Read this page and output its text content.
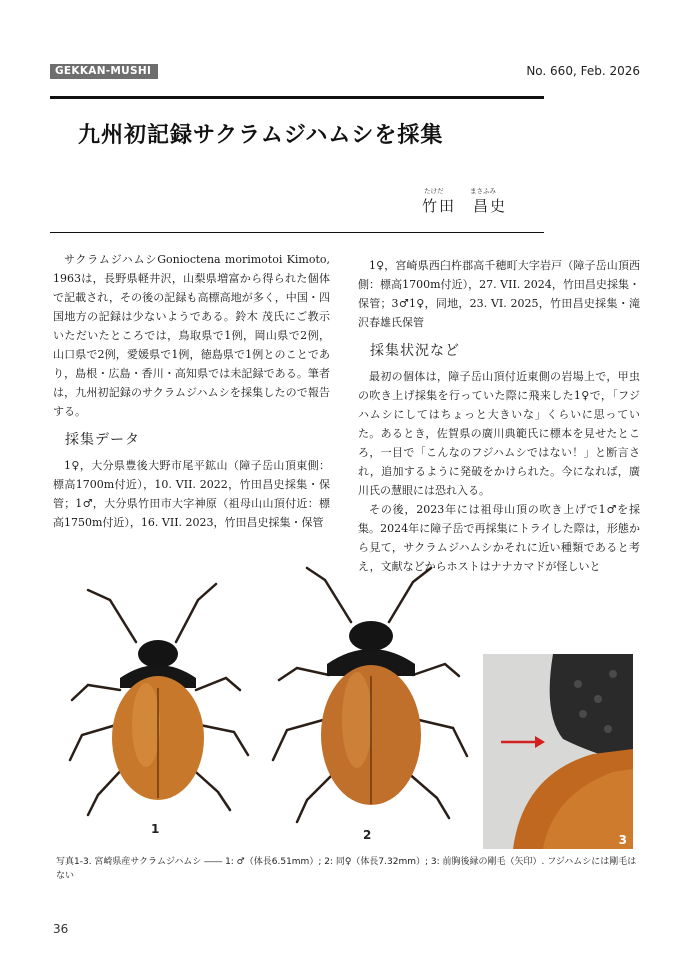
GEKKAN-MUSHI	No. 660, Feb. 2026
九州初記録サクラムジハムシを採集
たけだ	まさふみ
竹田　昌史

サクラムジハムシGonioctena morimotoi Kimoto, 1963は，長野県軽井沢，山梨県増富から得られた個体で記載され，その後の記録も高標高地が多く，中国・四国地方の記録は少ないようである。鈴木 茂氏にご教示いただいたところでは，鳥取県で1例，岡山県で2例，山口県で2例，愛媛県で1例，徳島県で1例とのことであり，島根・広島・香川・高知県では未記録である。筆者は，九州初記録のサクラムジハムシを採集したので報告する。

採集データ

1♀，大分県豊後大野市尾平鉱山（障子岳山頂東側：標高1700m付近），10. VII. 2022，竹田昌史採集・保管；1♂，大分県竹田市大字神原（祖母山山頂付近：標高1750m付近），16. VII. 2023，竹田昌史採集・保管

1♀，宮崎県西臼杵郡高千穂町大字岩戸（障子岳山頂西側：標高1700m付近），27. VII. 2024，竹田昌史採集・保管；3♂1♀，同地，23. VI. 2025，竹田昌史採集・滝沢春雄氏保管

採集状況など

最初の個体は，障子岳山頂付近東側の岩場上で，甲虫の吹き上げ採集を行っていた際に飛来した1♀で，「フジハムシにしてはちょっと大きいな」くらいに思っていた。あるとき，佐賀県の廣川典範氏に標本を見せたところ，一目で「こんなのフジハムシではない！」と断言され，追加するように発破をかけられた。今になれば，廣川氏の慧眼には恐れ入る。

その後，2023年には祖母山頂の吹き上げで1♂を採集。2024年に障子岳で再採集にトライした際は，形態から見て，サクラムジハムシかそれに近い種類であると考え，文献などからホストはナナカマドが怪しいと

1	2	3
写真1-3. 宮崎県産サクラムジハムシ ―― 1: ♂（体長6.51mm）; 2: 同♀（体長7.32mm）; 3: 前胸後縁の剛毛（矢印）. フジハムシには剛毛はない
36
